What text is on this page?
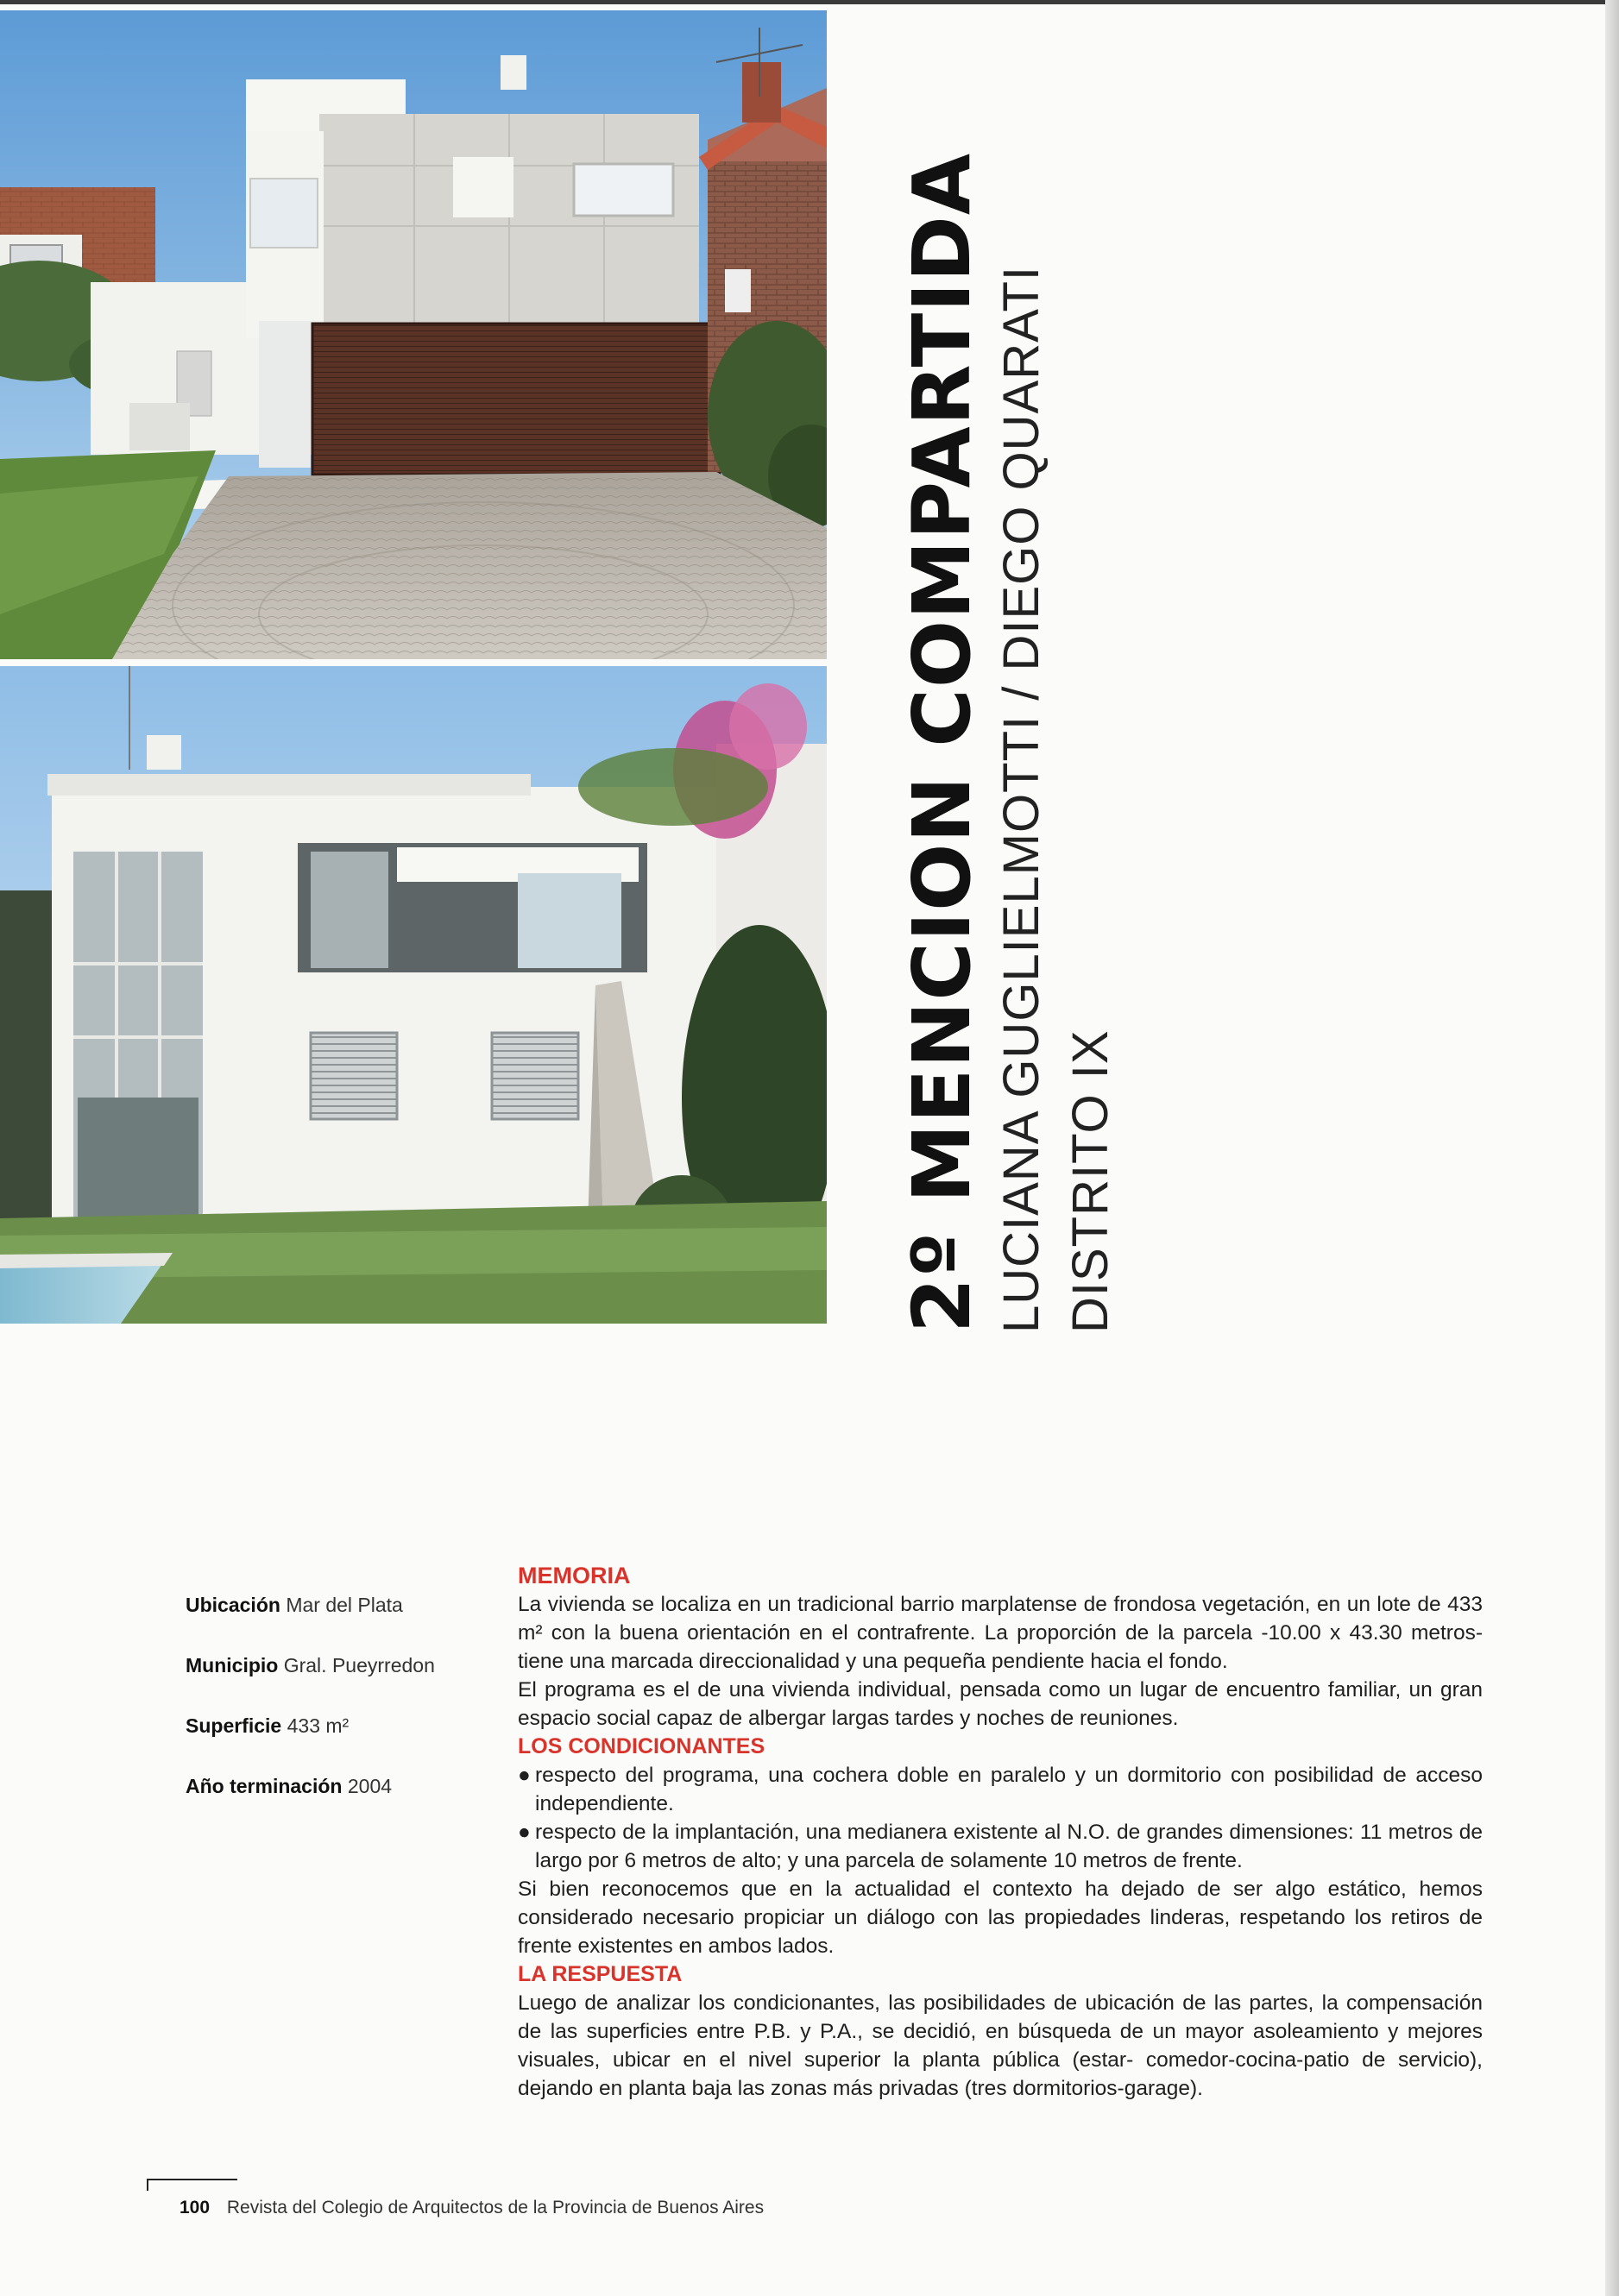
2º MENCION COMPARTIDA LUCIANA GUGLIELMOTTI / DIEGO QUARATI DISTRITO IX
Ubicación Mar del Plata
Municipio Gral. Pueyrredon
Superficie 433 m²
Año terminación 2004
MEMORIA

La vivienda se localiza en un tradicional barrio marplatense de frondosa vegetación, en un lote de 433 m² con la buena orientación en el contrafrente. La proporción de la parcela -10.00 x 43.30 metros- tiene una marcada direccionalidad y una pequeña pendiente hacia el fondo.

El programa es el de una vivienda individual, pensada como un lugar de encuentro familiar, un gran espacio social capaz de albergar largas tardes y noches de reuniones.

LOS CONDICIONANTES

● respecto del programa, una cochera doble en paralelo y un dormitorio con posibilidad de acceso independiente.

● respecto de la implantación, una medianera existente al N.O. de grandes dimensiones: 11 metros de largo por 6 metros de alto; y una parcela de solamente 10 metros de frente.

Si bien reconocemos que en la actualidad el contexto ha dejado de ser algo estático, hemos considerado necesario propiciar un diálogo con las propiedades linderas, respetando los retiros de frente existentes en ambos lados.

LA RESPUESTA

Luego de analizar los condicionantes, las posibilidades de ubicación de las partes, la compensación de las superficies entre P.B. y P.A., se decidió, en búsqueda de un mayor asoleamiento y mejores visuales, ubicar en el nivel superior la planta pública (estar- comedor-cocina-patio de servicio), dejando en planta baja las zonas más privadas (tres dormitorios-garage).

100 Revista del Colegio de Arquitectos de la Provincia de Buenos Aires
